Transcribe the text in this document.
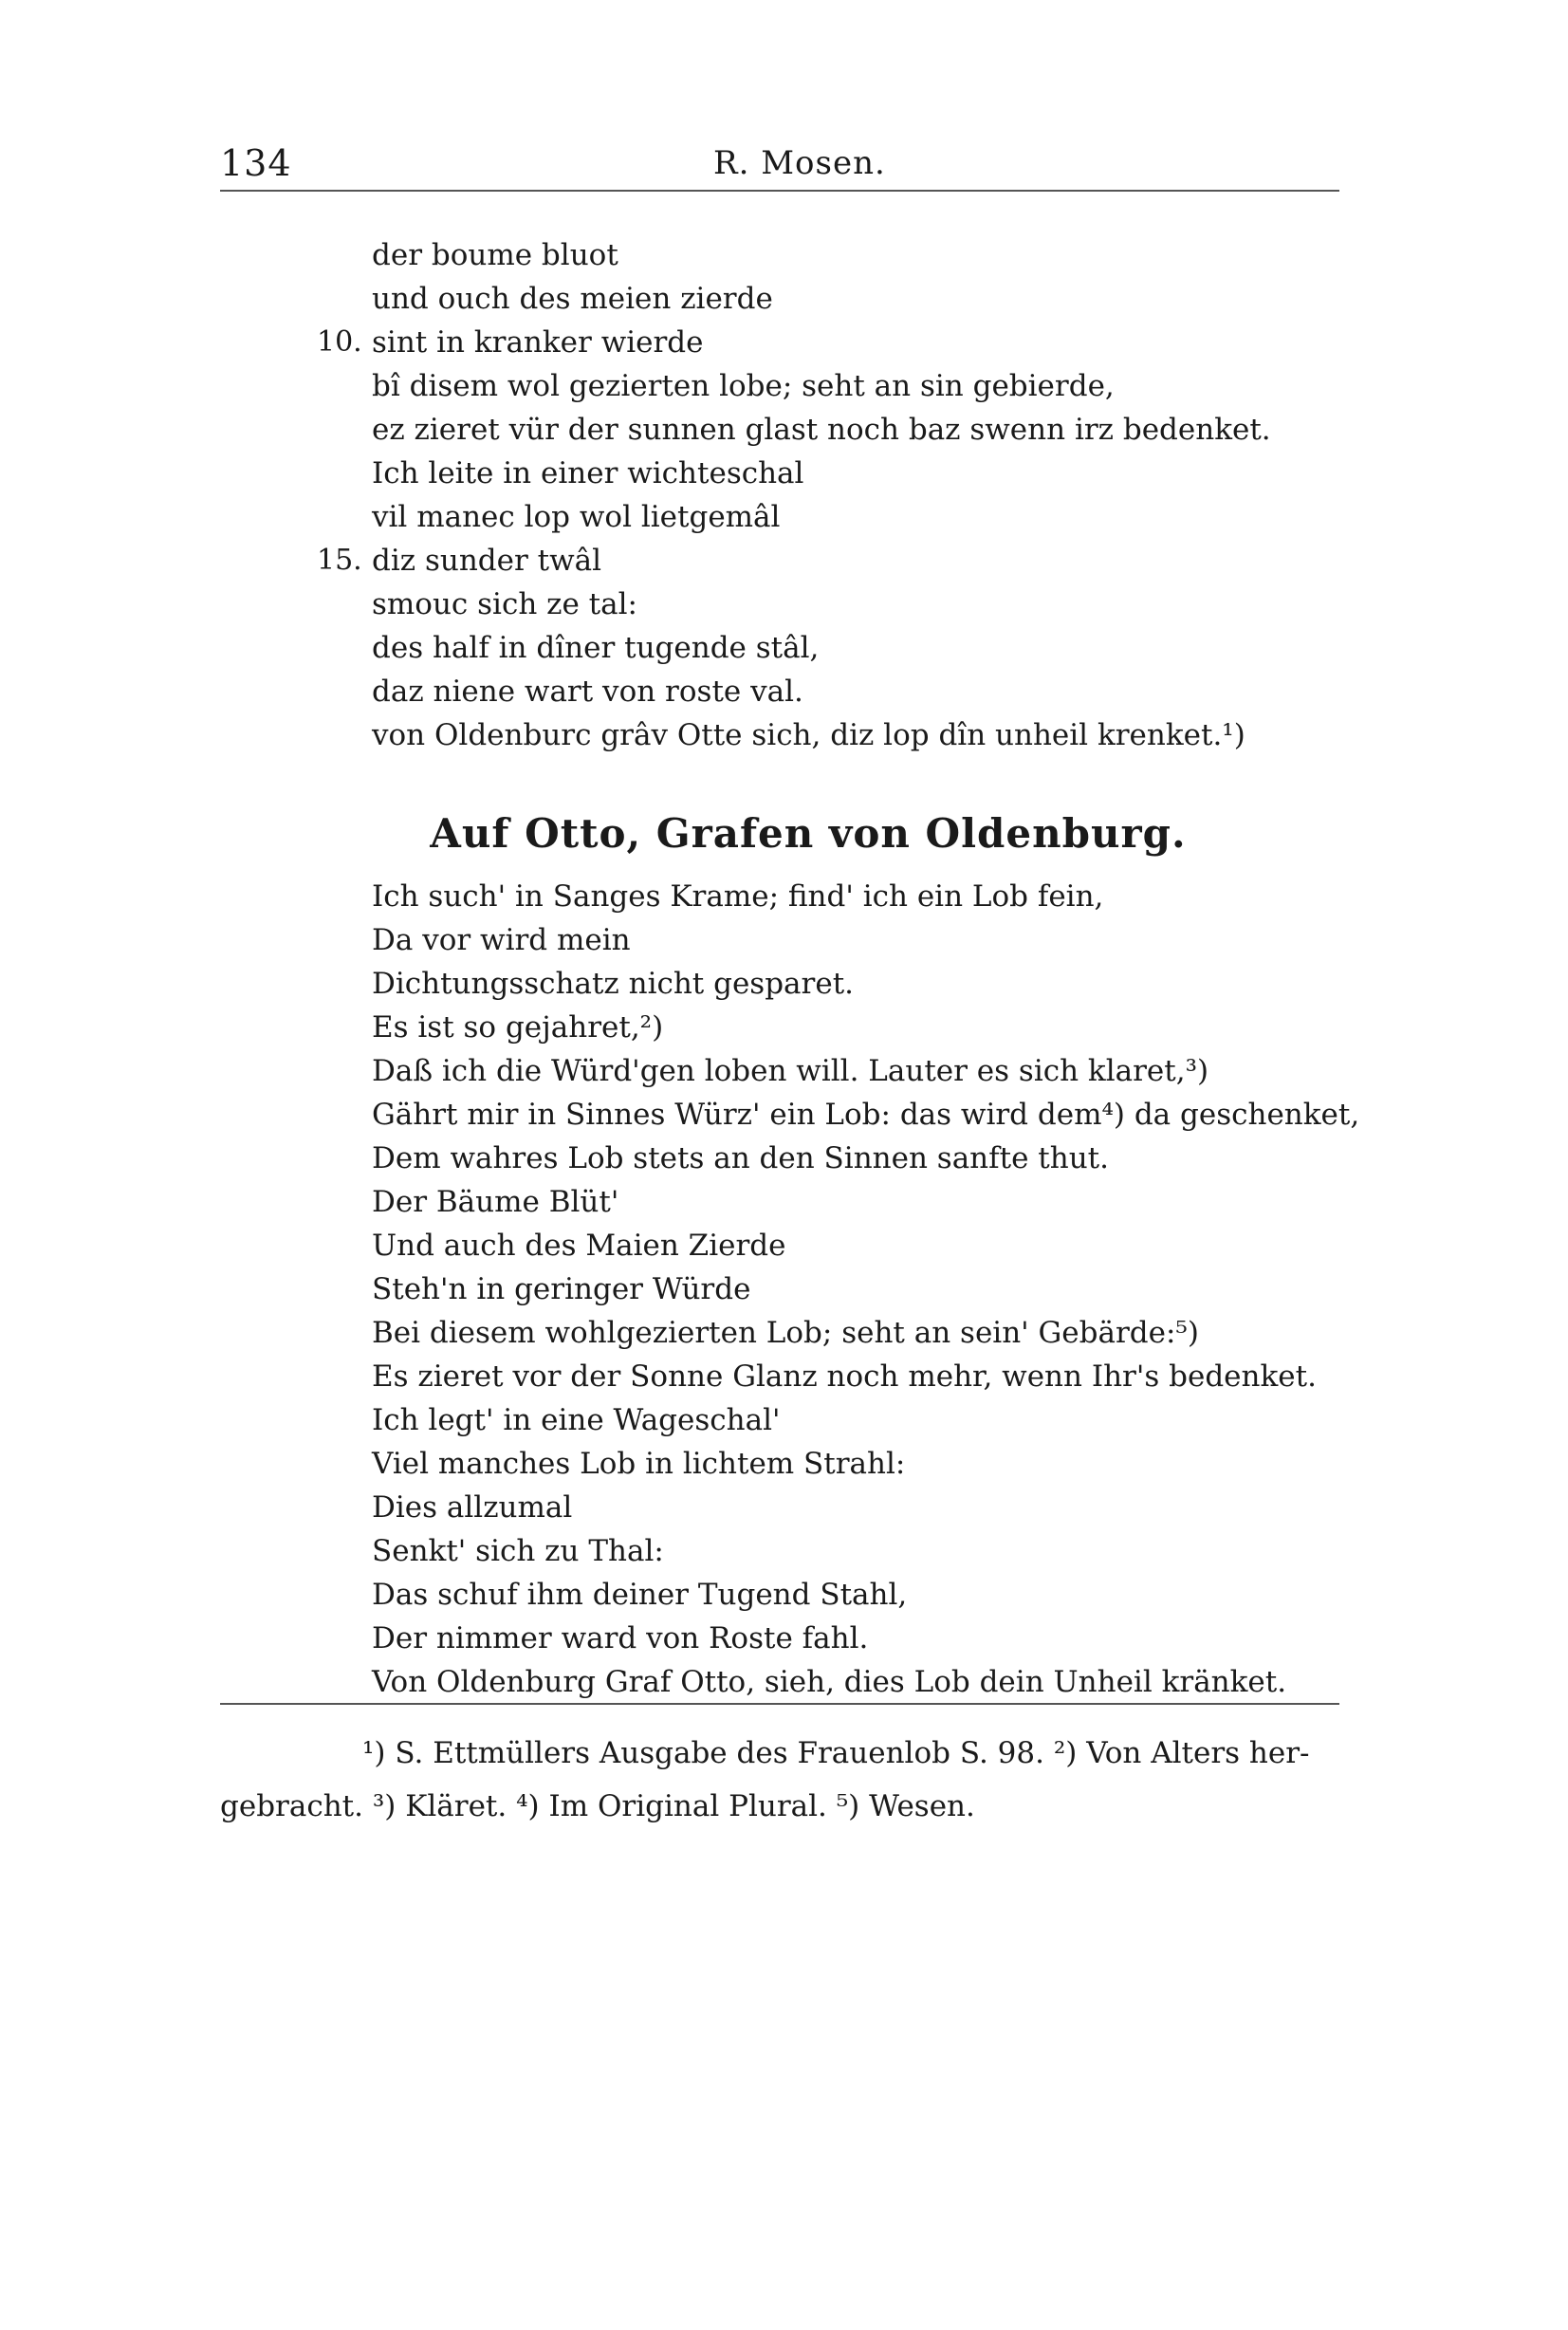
134	R. Mosen.
der boume bluot
und ouch des meien zierde
10. sint in kranker wierde
bî disem wol gezierten lobe; seht an sin gebierde,
ez zieret vür der sunnen glast noch baz swenn irz bedenket.
Ich leite in einer wichteschal
vil manec lop wol lietgemâl
15. diz sunder twâl
smouc sich ze tal:
des half in dîner tugende stâl,
daz niene wart von roste val.
von Oldenburc grâv Otte sich, diz lop dîn unheil krenket.¹)
Auf Otto, Grafen von Oldenburg.
Ich such' in Sanges Krame; find' ich ein Lob fein,
Da vor wird mein
Dichtungsschatz nicht gesparet.
Es ist so gejahret,²)
Daß ich die Würd'gen loben will. Lauter es sich klaret,³)
Gährt mir in Sinnes Würz' ein Lob: das wird dem⁴) da geschenket,
Dem wahres Lob stets an den Sinnen sanfte thut.
Der Bäume Blüt'
Und auch des Maien Zierde
Steh'n in geringer Würde
Bei diesem wohlgezierten Lob; seht an sein' Gebärde:⁵)
Es zieret vor der Sonne Glanz noch mehr, wenn Ihr's bedenket.
Ich legt' in eine Wageschal'
Viel manches Lob in lichtem Strahl:
Dies allzumal
Senkt' sich zu Thal:
Das schuf ihm deiner Tugend Stahl,
Der nimmer ward von Roste fahl.
Von Oldenburg Graf Otto, sieh, dies Lob dein Unheil kränket.
¹) S. Ettmüllers Ausgabe des Frauenlob S. 98. ²) Von Alters her-
gebracht. ³) Kläret. ⁴) Im Original Plural. ⁵) Wesen.
